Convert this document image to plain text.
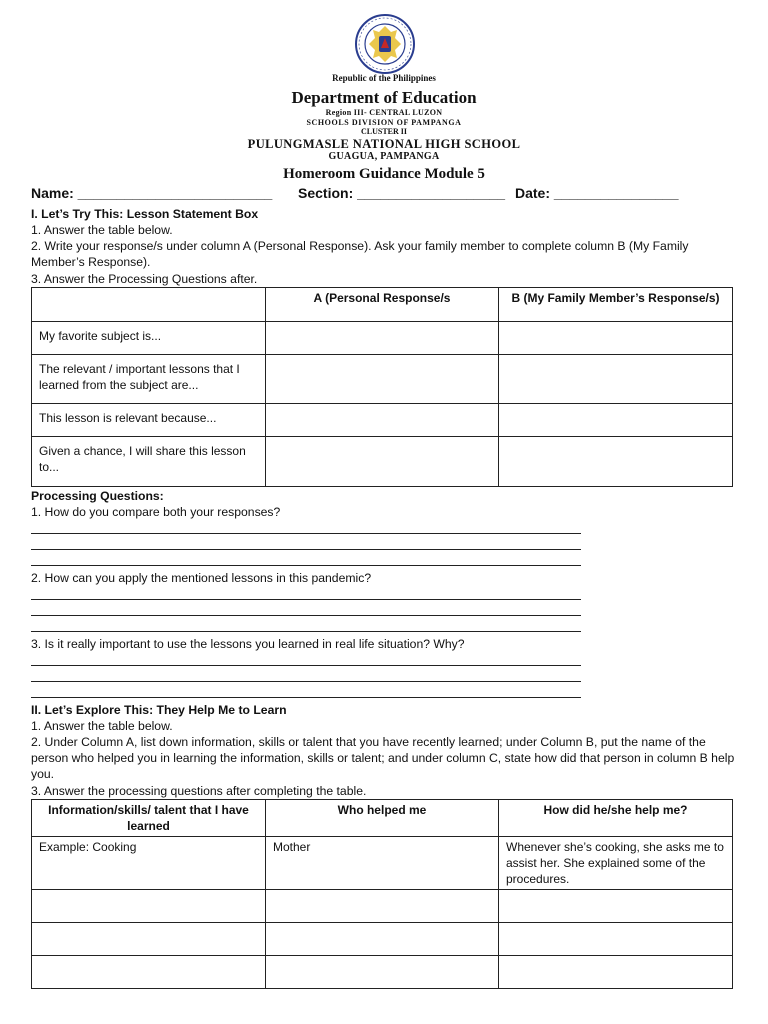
Republic of the Philippines
Department of Education
Region III- CENTRAL LUZON
SCHOOLS DIVISION OF PAMPANGA
CLUSTER II
PULUNGMASLE NATIONAL HIGH SCHOOL
GUAGUA, PAMPANGA
Homeroom Guidance Module 5
Name: _________________________ Section: ___________________ Date: ________________
I. Let’s Try This: Lesson Statement Box
1. Answer the table below.
2. Write your response/s under column A (Personal Response). Ask your family member to complete column B (My Family Member’s Response).
3. Answer the Processing Questions after.
	A (Personal Response/s	B (My Family Member’s Response/s)
My favorite subject is...		
The relevant / important lessons that I learned from the subject are...		
This lesson is relevant because...		
Given a chance, I will share this lesson to...		
Processing Questions:
1. How do you compare both your responses?
2. How can you apply the mentioned lessons in this pandemic?
3. Is it really important to use the lessons you learned in real life situation? Why?
II. Let’s Explore This: They Help Me to Learn
1. Answer the table below.
2. Under Column A, list down information, skills or talent that you have recently learned; under Column B, put the name of the person who helped you in learning the information, skills or talent; and under column C, state how did that person in column B help you.
3. Answer the processing questions after completing the table.
Information/skills/ talent that I have learned	Who helped me	How did he/she help me?
Example: Cooking	Mother	Whenever she’s cooking, she asks me to assist her. She explained some of the procedures.
